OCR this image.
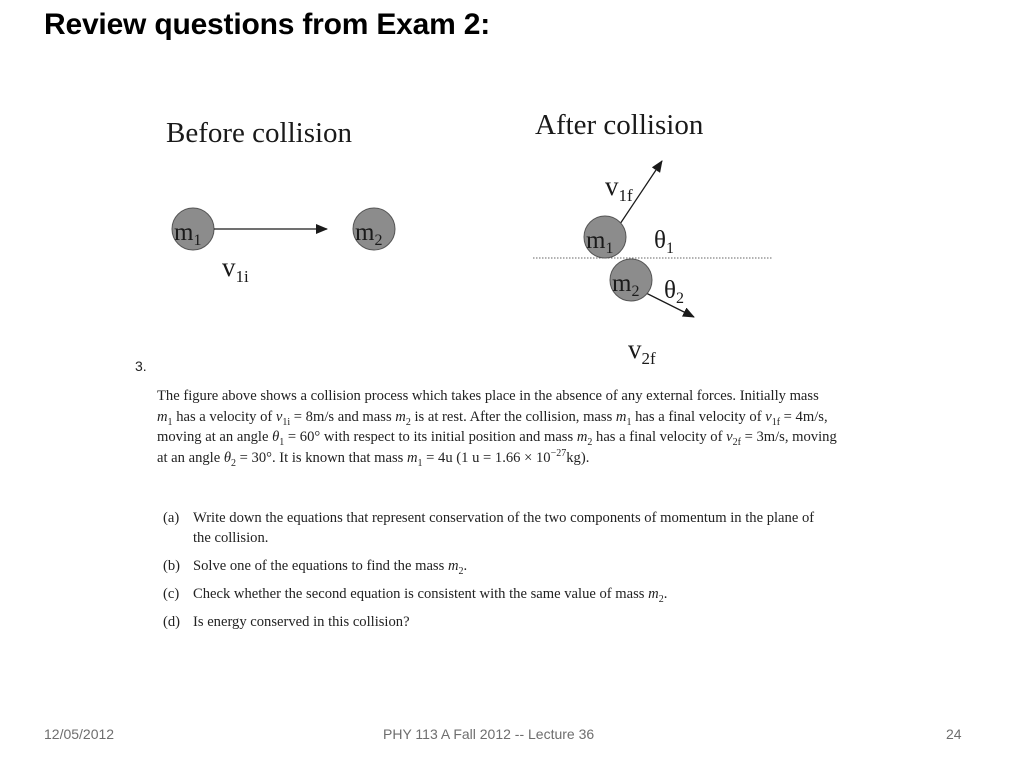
Review questions from Exam 2:
Before collision
$m_1$
$v_{1i}$
$m_2$
After collision
$m_1$
$m_2$
$v_{1f}$
$\theta_1$
$\theta_2$
$v_{2f}$
3.
The figure above shows a collision process which takes place in the absence of any external forces. Initially mass $m_1$ has a velocity of $v_{1i} = 8m/s$ and mass $m_2$ is at rest. After the collision, mass $m_1$ has a final velocity of $v_{1f} = 4m/s$, moving at an angle $\theta_1 = 60^\circ$ with respect to its initial position and mass $m_2$ has a final velocity of $v_{2f} = 3m/s$, moving at an angle $\theta_2 = 30^\circ$. It is known that mass $m_1 = 4u$ (1 $u = 1.66 \times 10^{-27}kg$).
(a) Write down the equations that represent conservation of the two components of momentum in the plane of the collision.
(b) Solve one of the equations to find the mass $m_2$.
(c) Check whether the second equation is consistent with the same value of mass $m_2$.
(d) Is energy conserved in this collision?
12/05/2012	PHY 113 A Fall 2012 -- Lecture 36	24
